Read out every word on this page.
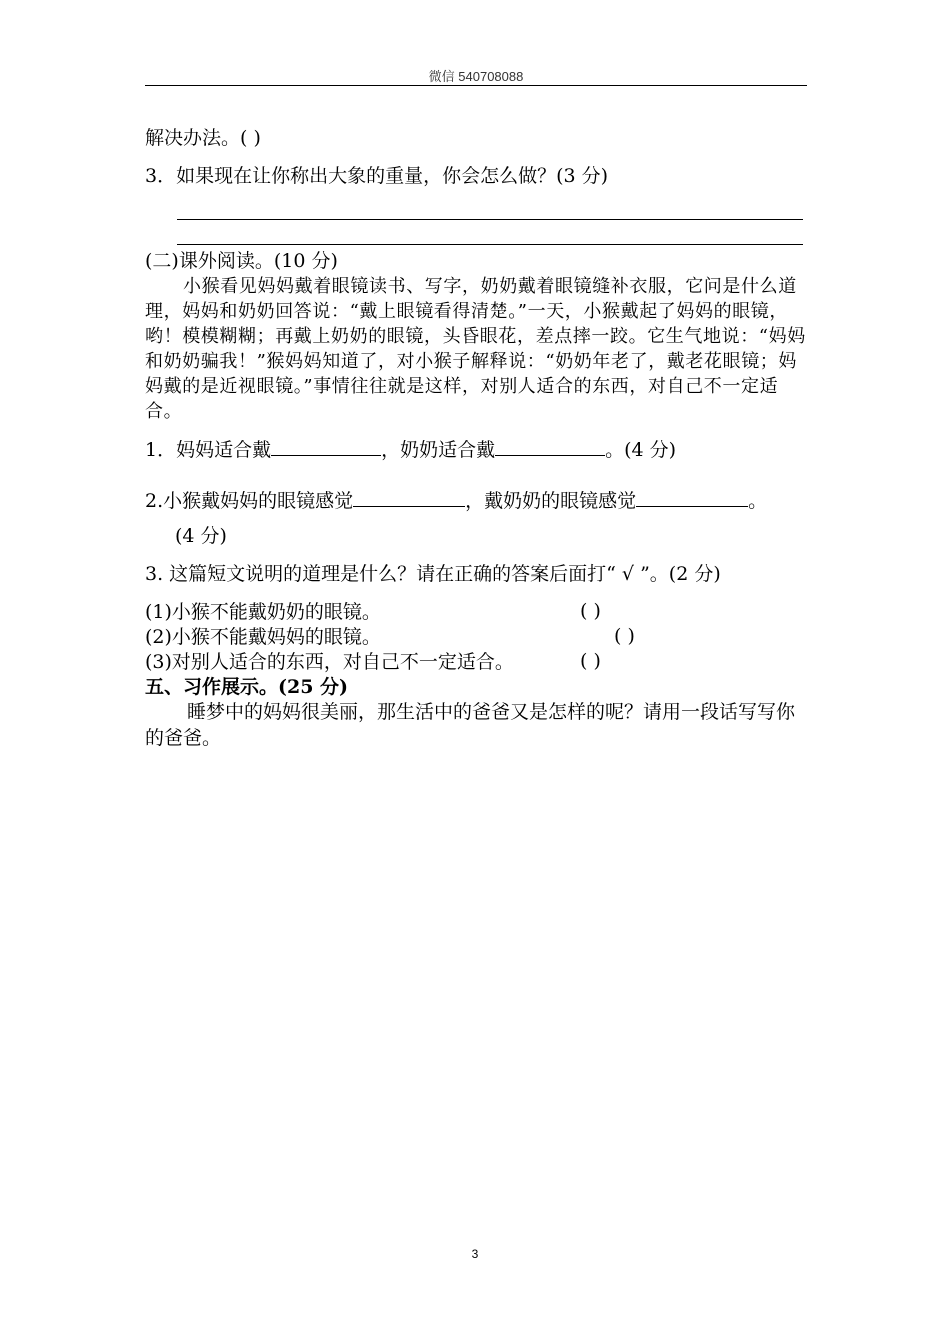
微信 540708088
解决办法。( )
3．如果现在让你称出大象的重量，你会怎么做？(3 分)
(二)课外阅读。(10 分)
小猴看见妈妈戴着眼镜读书、写字，奶奶戴着眼镜缝补衣服，它问是什么道理，妈妈和奶奶回答说：“戴上眼镜看得清楚。”一天，小猴戴起了妈妈的眼镜，哟！模模糊糊；再戴上奶奶的眼镜，头昏眼花，差点摔一跤。它生气地说：“妈妈和奶奶骗我！”猴妈妈知道了，对小猴子解释说：“奶奶年老了，戴老花眼镜；妈妈戴的是近视眼镜。”事情往往就是这样，对别人适合的东西，对自己不一定适合。
1．妈妈适合戴	，奶奶适合戴	。(4 分)
2.小猴戴妈妈的眼镜感觉	，戴奶奶的眼镜感觉	。
(4 分)
3. 这篇短文说明的道理是什么？请在正确的答案后面打“ √ ”。(2 分)
(1)小猴不能戴奶奶的眼镜。	( )
(2)小猴不能戴妈妈的眼镜。	( )
(3)对别人适合的东西，对自己不一定适合。	( )
五、习作展示。(25 分)
睡梦中的妈妈很美丽，那生活中的爸爸又是怎样的呢？请用一段话写写你的爸爸。
3
